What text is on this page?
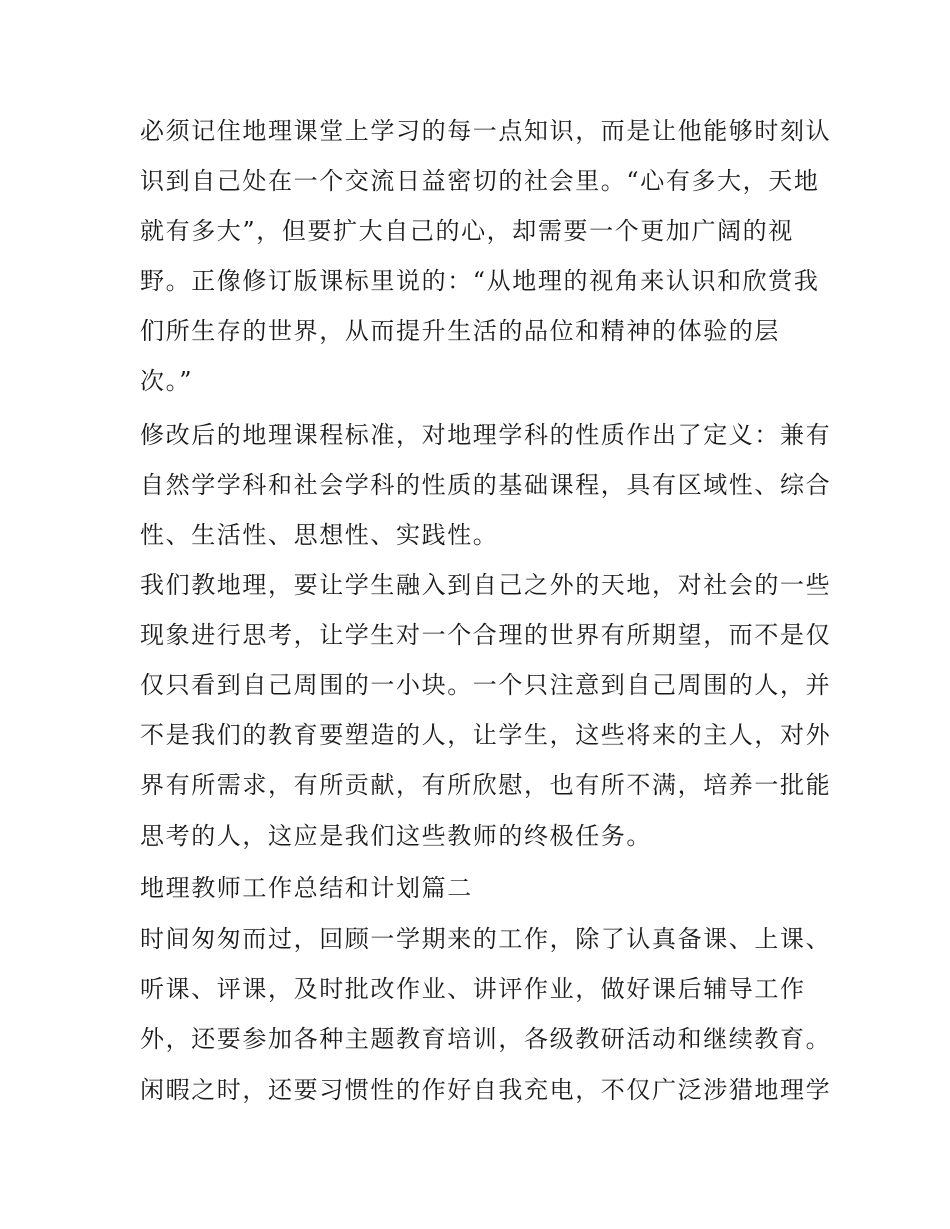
必须记住地理课堂上学习的每一点知识，而是让他能够时刻认
识到自己处在一个交流日益密切的社会里。“心有多大，天地
就有多大”，但要扩大自己的心，却需要一个更加广阔的视
野。正像修订版课标里说的：“从地理的视角来认识和欣赏我
们所生存的世界，从而提升生活的品位和精神的体验的层
次。”
修改后的地理课程标准，对地理学科的性质作出了定义：兼有
自然学学科和社会学科的性质的基础课程，具有区域性、综合
性、生活性、思想性、实践性。
我们教地理，要让学生融入到自己之外的天地，对社会的一些
现象进行思考，让学生对一个合理的世界有所期望，而不是仅
仅只看到自己周围的一小块。一个只注意到自己周围的人，并
不是我们的教育要塑造的人，让学生，这些将来的主人，对外
界有所需求，有所贡献，有所欣慰，也有所不满，培养一批能
思考的人，这应是我们这些教师的终极任务。
地理教师工作总结和计划篇二
时间匆匆而过，回顾一学期来的工作，除了认真备课、上课、
听课、评课，及时批改作业、讲评作业，做好课后辅导工作
外，还要参加各种主题教育培训，各级教研活动和继续教育。
闲暇之时，还要习惯性的作好自我充电，不仅广泛涉猎地理学
